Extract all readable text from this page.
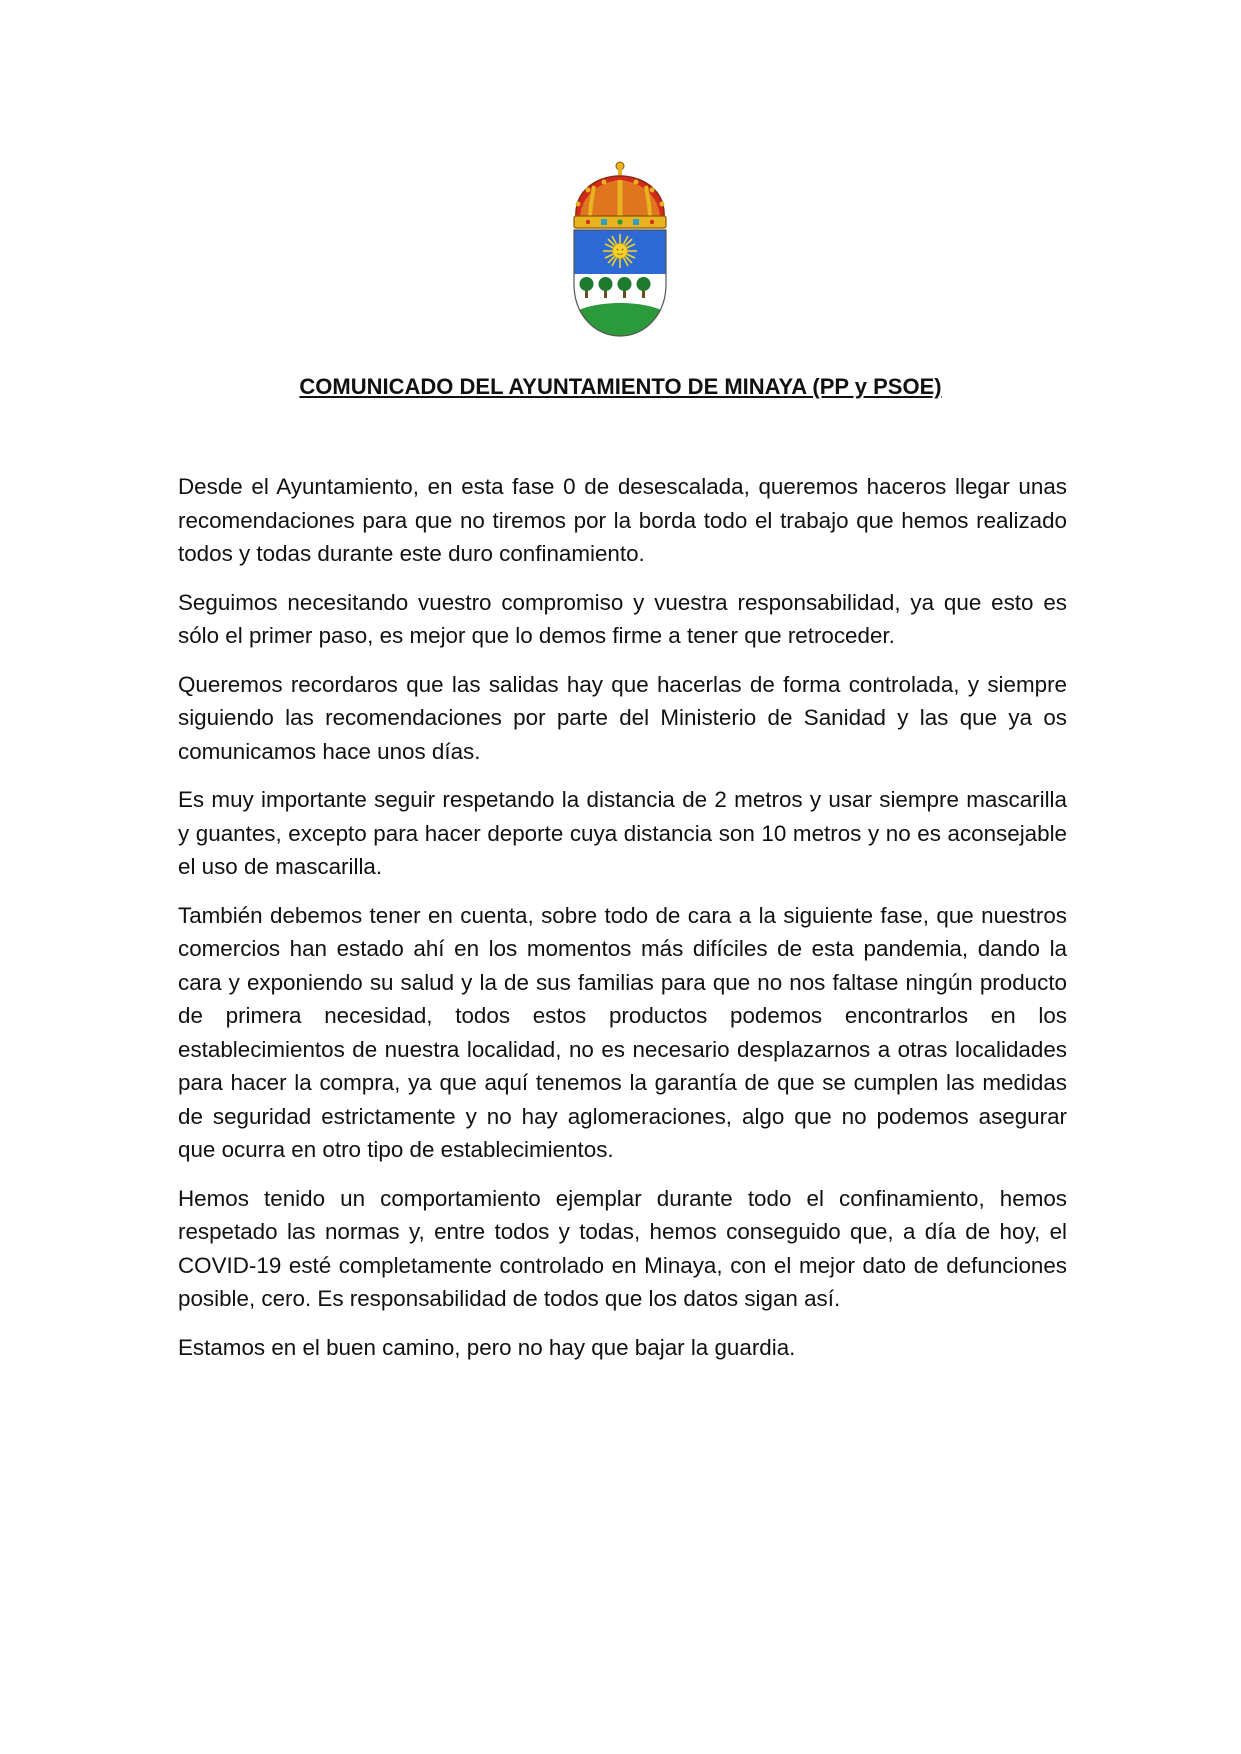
COMUNICADO DEL AYUNTAMIENTO DE MINAYA (PP y PSOE)

Desde el Ayuntamiento, en esta fase 0 de desescalada, queremos haceros llegar unas recomendaciones para que no tiremos por la borda todo el trabajo que hemos realizado todos y todas durante este duro confinamiento.

Seguimos necesitando vuestro compromiso y vuestra responsabilidad, ya que esto es sólo el primer paso, es mejor que lo demos firme a tener que retroceder.

Queremos recordaros que las salidas hay que hacerlas de forma controlada, y siempre siguiendo las recomendaciones por parte del Ministerio de Sanidad y las que ya os comunicamos hace unos días.

Es muy importante seguir respetando la distancia de 2 metros y usar siempre mascarilla y guantes, excepto para hacer deporte cuya distancia son 10 metros y no es aconsejable el uso de mascarilla.

También debemos tener en cuenta, sobre todo de cara a la siguiente fase, que nuestros comercios han estado ahí en los momentos más difíciles de esta pandemia, dando la cara y exponiendo su salud y la de sus familias para que no nos faltase ningún producto de primera necesidad, todos estos productos podemos encontrarlos en los establecimientos de nuestra localidad, no es necesario desplazarnos a otras localidades para hacer la compra, ya que aquí tenemos la garantía de que se cumplen las medidas de seguridad estrictamente y no hay aglomeraciones, algo que no podemos asegurar que ocurra en otro tipo de establecimientos.

Hemos tenido un comportamiento ejemplar durante todo el confinamiento, hemos respetado las normas y, entre todos y todas, hemos conseguido que, a día de hoy, el COVID-19 esté completamente controlado en Minaya, con el mejor dato de defunciones posible, cero. Es responsabilidad de todos que los datos sigan así.

Estamos en el buen camino, pero no hay que bajar la guardia.
